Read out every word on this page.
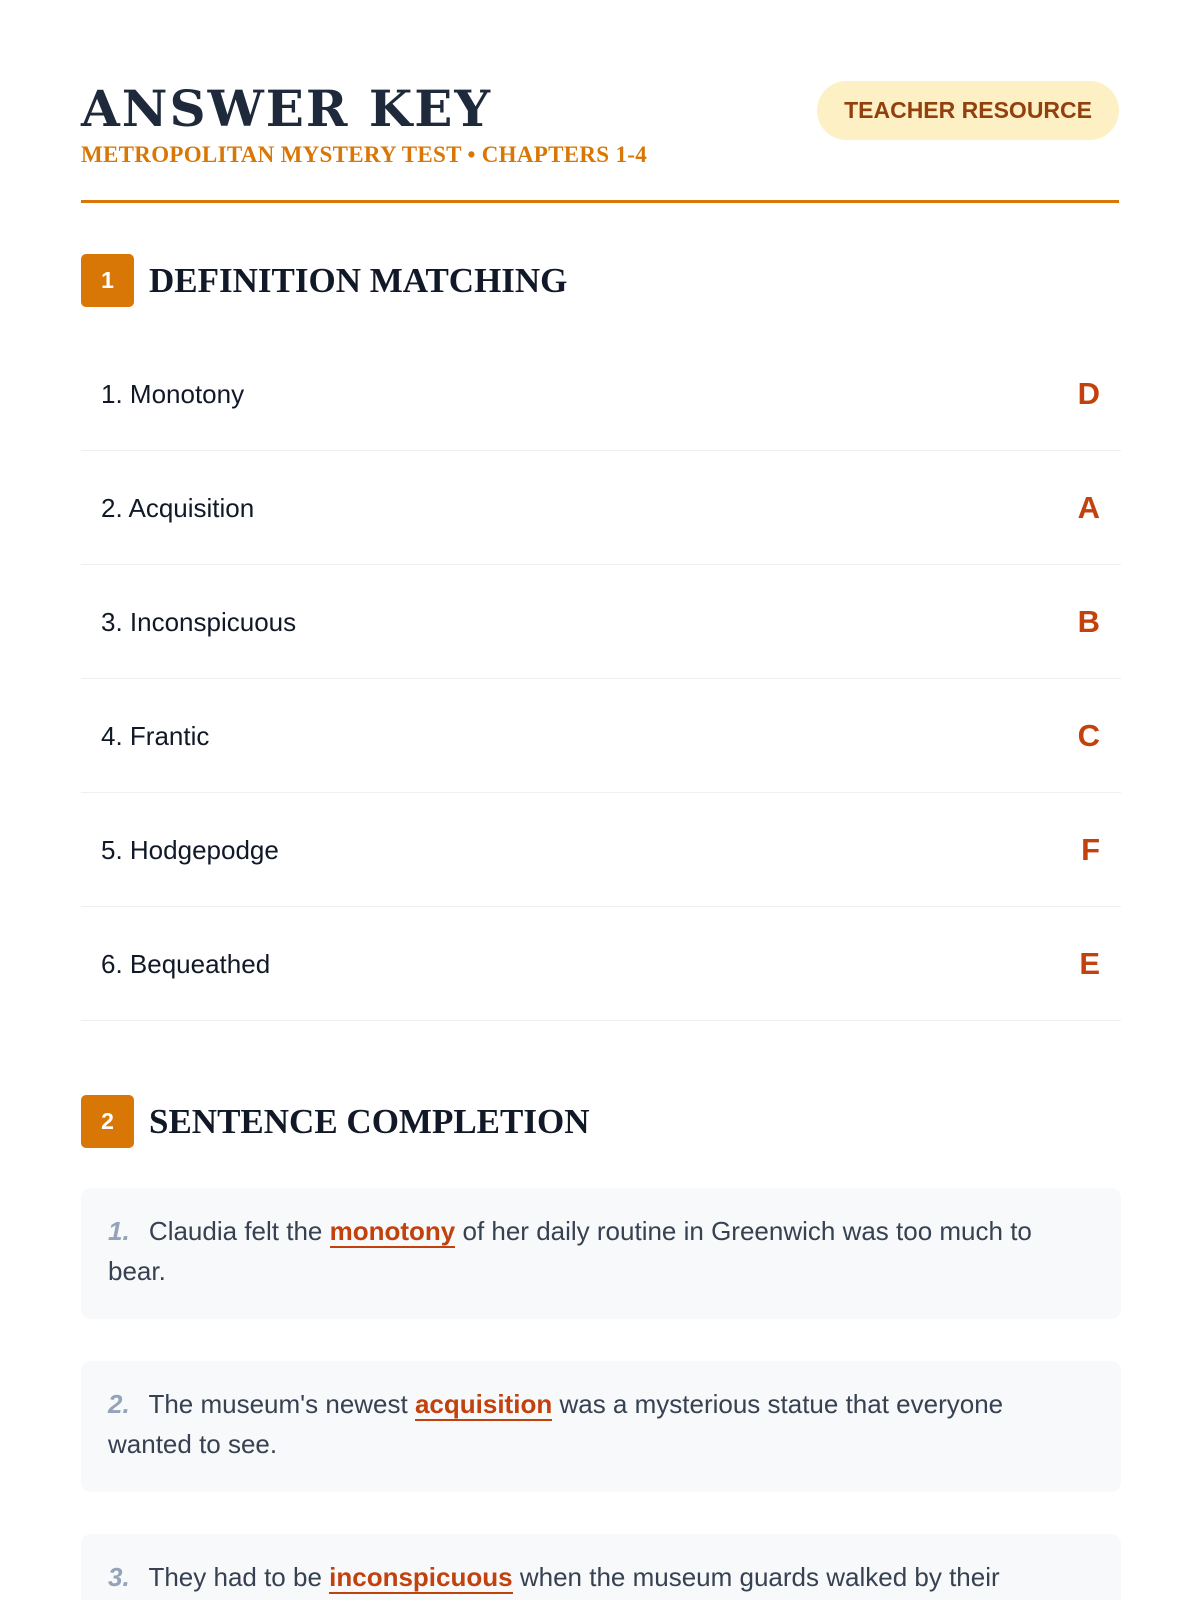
ANSWER KEY
METROPOLITAN MYSTERY TEST • CHAPTERS 1-4
TEACHER RESOURCE
1	DEFINITION MATCHING
1. Monotony	D
2. Acquisition	A
3. Inconspicuous	B
4. Frantic	C
5. Hodgepodge	F
6. Bequeathed	E
2	SENTENCE COMPLETION
1. Claudia felt the monotony of her daily routine in Greenwich was too much to bear.
2. The museum's newest acquisition was a mysterious statue that everyone wanted to see.
3. They had to be inconspicuous when the museum guards walked by their
